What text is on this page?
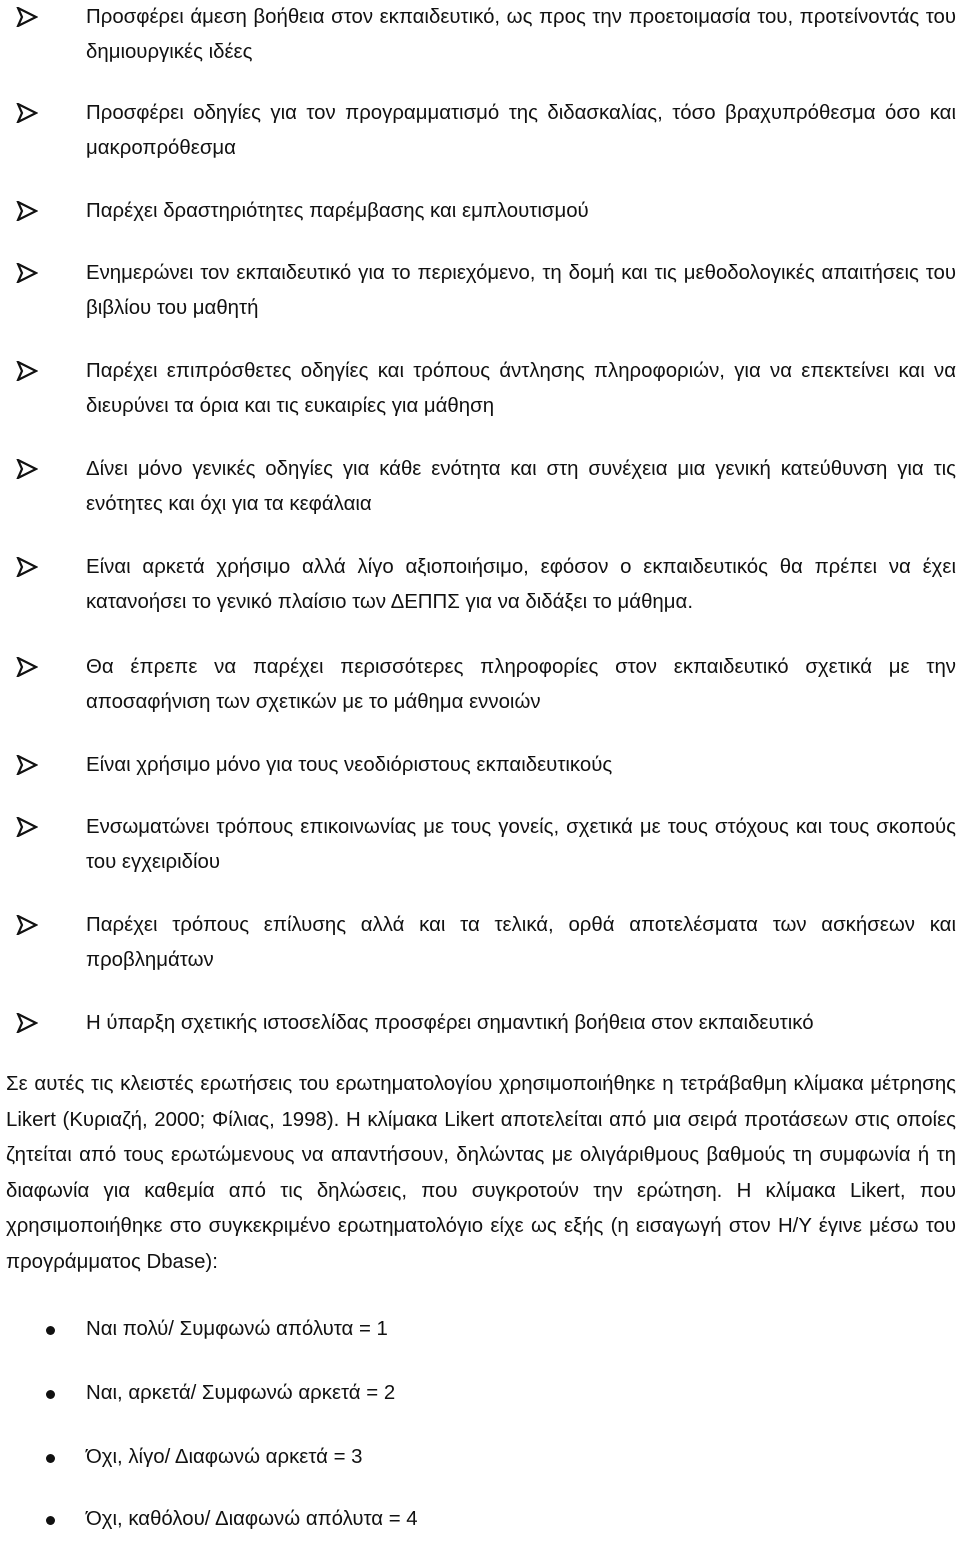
Προσφέρει άμεση βοήθεια στον εκπαιδευτικό, ως προς την προετοιμασία του, προτείνοντάς του δημιουργικές ιδέες

Προσφέρει οδηγίες για τον προγραμματισμό της διδασκαλίας, τόσο βραχυπρόθεσμα όσο και μακροπρόθεσμα

Παρέχει δραστηριότητες παρέμβασης και εμπλουτισμού

Ενημερώνει τον εκπαιδευτικό για το περιεχόμενο, τη δομή και τις μεθοδολογικές απαιτήσεις του βιβλίου του μαθητή

Παρέχει επιπρόσθετες οδηγίες και τρόπους άντλησης πληροφοριών, για να επεκτείνει και να διευρύνει τα όρια και τις ευκαιρίες για μάθηση

Δίνει μόνο γενικές οδηγίες για κάθε ενότητα και στη συνέχεια μια γενική κατεύθυνση για τις ενότητες και όχι για τα κεφάλαια

Είναι αρκετά χρήσιμο αλλά λίγο αξιοποιήσιμο, εφόσον ο εκπαιδευτικός θα πρέπει να έχει κατανοήσει το γενικό πλαίσιο των ΔΕΠΠΣ για να διδάξει το μάθημα.

Θα έπρεπε να παρέχει περισσότερες πληροφορίες στον εκπαιδευτικό σχετικά με την αποσαφήνιση των σχετικών με το μάθημα εννοιών

Είναι χρήσιμο μόνο για τους νεοδιόριστους εκπαιδευτικούς

Ενσωματώνει τρόπους επικοινωνίας με τους γονείς, σχετικά με τους στόχους και τους σκοπούς του εγχειριδίου

Παρέχει τρόπους επίλυσης αλλά και τα τελικά, ορθά αποτελέσματα των ασκήσεων και προβλημάτων

Η ύπαρξη σχετικής ιστοσελίδας προσφέρει σημαντική βοήθεια στον εκπαιδευτικό

Σε αυτές τις κλειστές ερωτήσεις του ερωτηματολογίου χρησιμοποιήθηκε η τετράβαθμη κλίμακα μέτρησης Likert (Κυριαζή, 2000; Φίλιας, 1998). Η κλίμακα Likert αποτελείται από μια σειρά προτάσεων στις οποίες ζητείται από τους ερωτώμενους να απαντήσουν, δηλώντας με ολιγάριθμους βαθμούς τη συμφωνία ή τη διαφωνία για καθεμία από τις δηλώσεις, που συγκροτούν την ερώτηση. Η κλίμακα Likert, που χρησιμοποιήθηκε στο συγκεκριμένο ερωτηματολόγιο είχε ως εξής (η εισαγωγή στον Η/Υ έγινε μέσω του προγράμματος Dbase):

Ναι πολύ/ Συμφωνώ απόλυτα = 1
Ναι, αρκετά/ Συμφωνώ αρκετά = 2
Όχι, λίγο/ Διαφωνώ αρκετά = 3
Όχι, καθόλου/ Διαφωνώ απόλυτα = 4
